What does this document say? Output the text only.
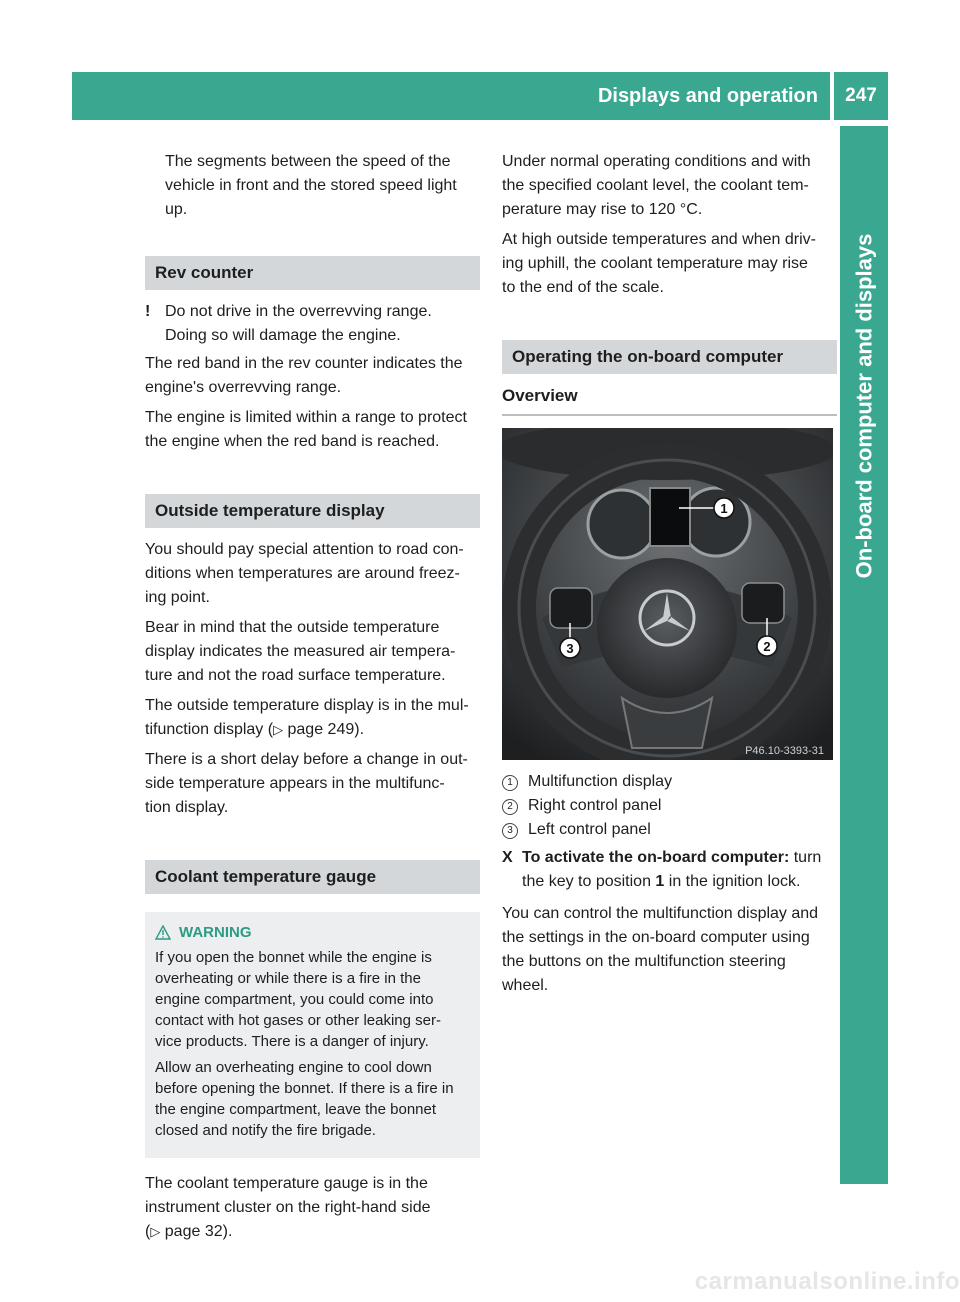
Displays and operation	247
On-board computer and displays
The segments between the speed of the
vehicle in front and the stored speed light
up.
Rev counter
! Do not drive in the overrevving range.
Doing so will damage the engine.

The red band in the rev counter indicates the
engine's overrevving range.

The engine is limited within a range to protect
the engine when the red band is reached.

Outside temperature display

You should pay special attention to road con-
ditions when temperatures are around freez-
ing point.

Bear in mind that the outside temperature
display indicates the measured air tempera-
ture and not the road surface temperature.

The outside temperature display is in the mul-
tifunction display (▷ page 249).

There is a short delay before a change in out-
side temperature appears in the multifunc-
tion display.

Coolant temperature gauge
WARNING

If you open the bonnet while the engine is
overheating or while there is a fire in the
engine compartment, you could come into
contact with hot gases or other leaking ser-
vice products. There is a danger of injury.

Allow an overheating engine to cool down
before opening the bonnet. If there is a fire in
the engine compartment, leave the bonnet
closed and notify the fire brigade.

The coolant temperature gauge is in the
instrument cluster on the right-hand side
(▷ page 32).

Under normal operating conditions and with
the specified coolant level, the coolant tem-
perature may rise to 120 °C.

At high outside temperatures and when driv-
ing uphill, the coolant temperature may rise
to the end of the scale.

Operating the on-board computer
Overview
1
2
3
P46.10-3393-31
1 Multifunction display
2 Right control panel
3 Left control panel
X To activate the on-board computer: turn
the key to position 1 in the ignition lock.

You can control the multifunction display and
the settings in the on-board computer using
the buttons on the multifunction steering
wheel.

carmanualsonline.info
